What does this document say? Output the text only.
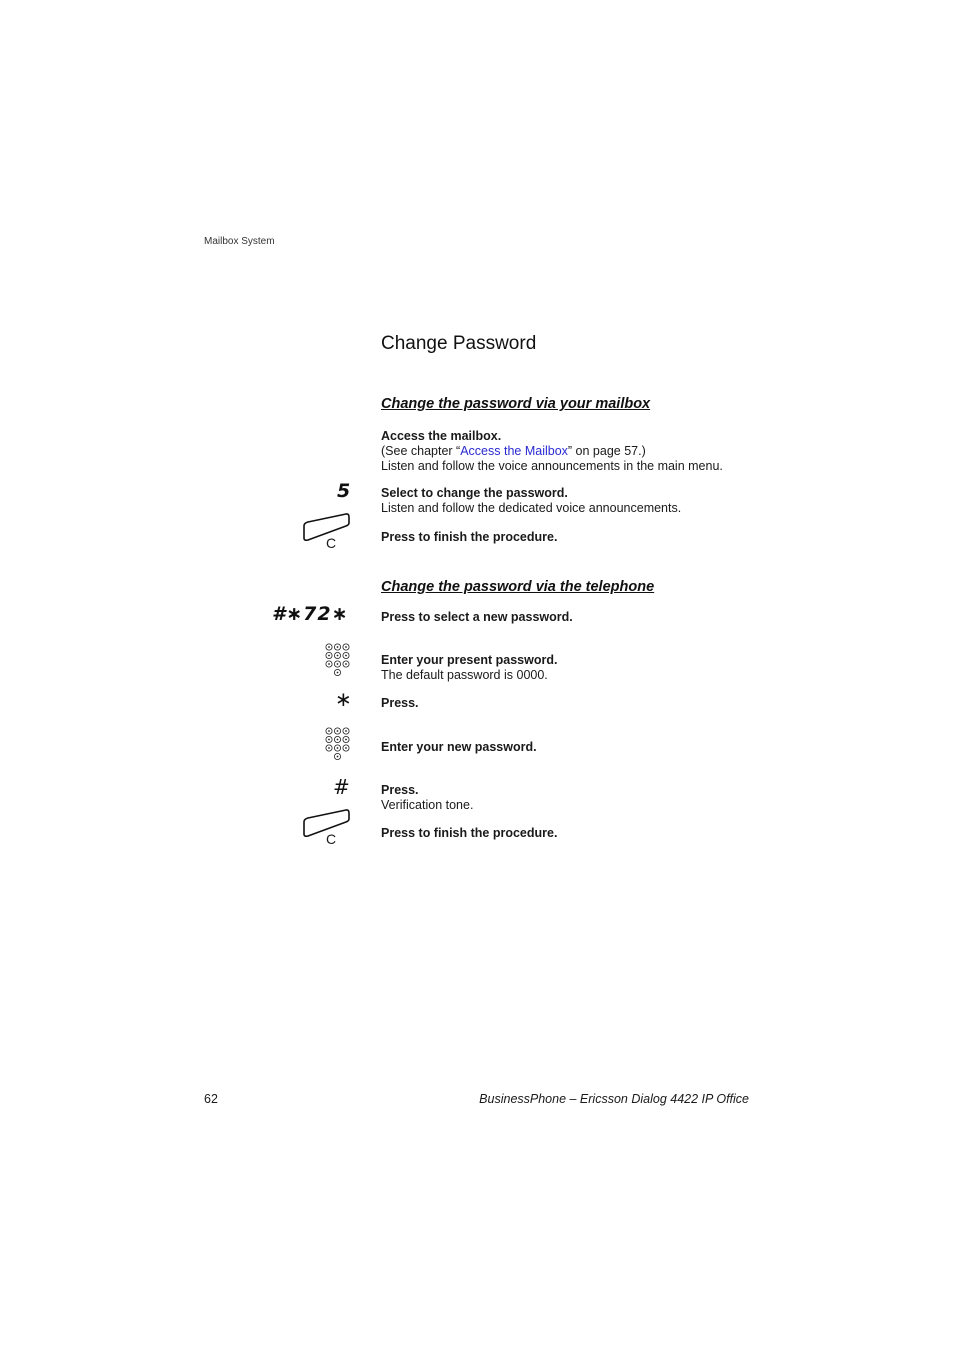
Mailbox System
Change Password
Change the password via your mailbox
Access the mailbox.
(See chapter “Access the Mailbox” on page 57.)
Listen and follow the voice announcements in the main menu.
5 Select to change the password.
Listen and follow the dedicated voice announcements.
C	Press to finish the procedure.
Change the password via the telephone
#∗72∗	Press to select a new password.
Enter your present password.
The default password is 0000.
∗ Press.
Enter your new password.
# Press.
Verification tone.
C	Press to finish the procedure.
62	BusinessPhone – Ericsson Dialog 4422 IP Office
